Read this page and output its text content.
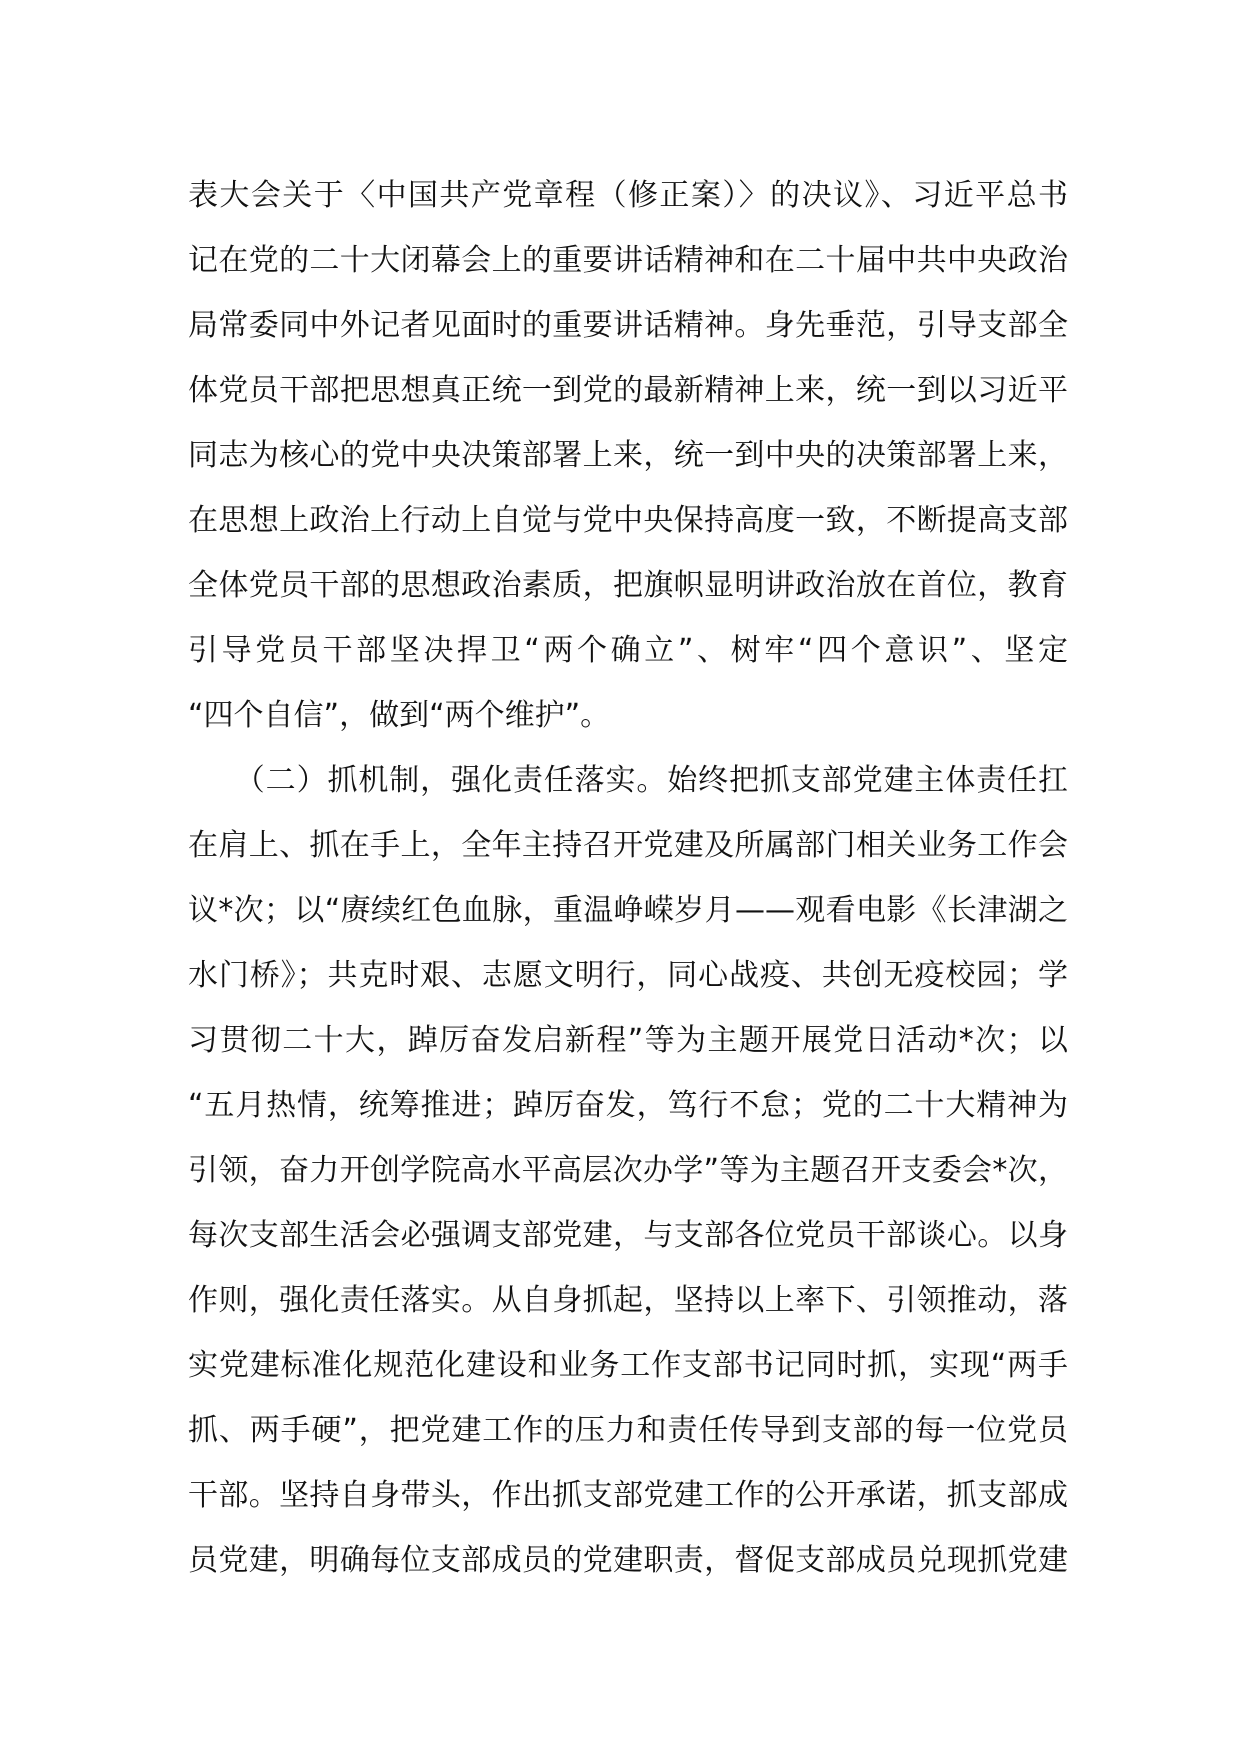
表大会关于〈中国共产党章程（修正案）〉的决议》、习近平总书
记在党的二十大闭幕会上的重要讲话精神和在二十届中共中央政治
局常委同中外记者见面时的重要讲话精神。身先垂范，引导支部全
体党员干部把思想真正统一到党的最新精神上来，统一到以习近平
同志为核心的党中央决策部署上来，统一到中央的决策部署上来，
在思想上政治上行动上自觉与党中央保持高度一致，不断提高支部
全体党员干部的思想政治素质，把旗帜显明讲政治放在首位，教育
引导党员干部坚决捍卫“两个确立”、树牢“四个意识”、坚定
“四个自信”，做到“两个维护”。
　　（二）抓机制，强化责任落实。始终把抓支部党建主体责任扛
在肩上、抓在手上，全年主持召开党建及所属部门相关业务工作会
议*次；以“赓续红色血脉，重温峥嵘岁月——观看电影《长津湖之
水门桥》；共克时艰、志愿文明行，同心战疫、共创无疫校园；学
习贯彻二十大，踔厉奋发启新程”等为主题开展党日活动*次；以
“五月热情，统筹推进；踔厉奋发，笃行不怠；党的二十大精神为
引领，奋力开创学院高水平高层次办学”等为主题召开支委会*次，
每次支部生活会必强调支部党建，与支部各位党员干部谈心。以身
作则，强化责任落实。从自身抓起，坚持以上率下、引领推动，落
实党建标准化规范化建设和业务工作支部书记同时抓，实现“两手
抓、两手硬”，把党建工作的压力和责任传导到支部的每一位党员
干部。坚持自身带头，作出抓支部党建工作的公开承诺，抓支部成
员党建，明确每位支部成员的党建职责，督促支部成员兑现抓党建
